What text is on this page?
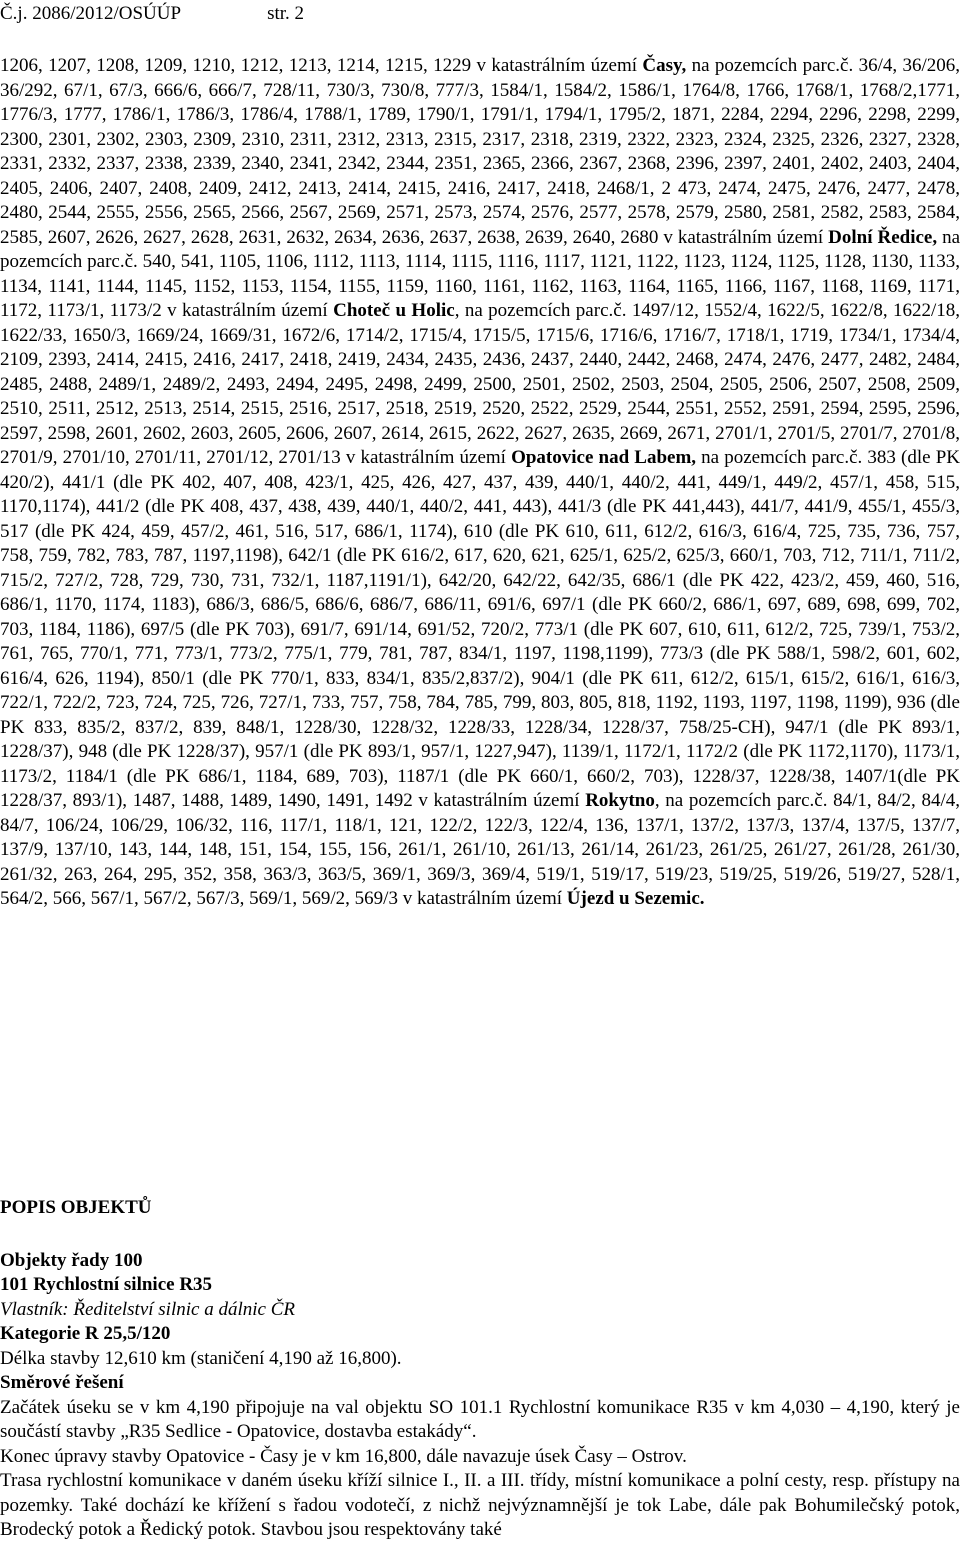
Č.j. 2086/2012/OSÚÚP	str. 2

1206, 1207, 1208, 1209, 1210, 1212, 1213, 1214, 1215, 1229 v katastrálním území Časy, na pozemcích parc.č. 36/4, 36/206, 36/292, 67/1, 67/3, 666/6, 666/7, 728/11, 730/3, 730/8, 777/3, 1584/1, 1584/2, 1586/1, 1764/8, 1766, 1768/1, 1768/2,1771, 1776/3, 1777, 1786/1, 1786/3, 1786/4, 1788/1, 1789, 1790/1, 1791/1, 1794/1, 1795/2, 1871, 2284, 2294, 2296, 2298, 2299, 2300, 2301, 2302, 2303, 2309, 2310, 2311, 2312, 2313, 2315, 2317, 2318, 2319, 2322, 2323, 2324, 2325, 2326, 2327, 2328, 2331, 2332, 2337, 2338, 2339, 2340, 2341, 2342, 2344, 2351, 2365, 2366, 2367, 2368, 2396, 2397, 2401, 2402, 2403, 2404, 2405, 2406, 2407, 2408, 2409, 2412, 2413, 2414, 2415, 2416, 2417, 2418, 2468/1, 2 473, 2474, 2475, 2476, 2477, 2478, 2480, 2544, 2555, 2556, 2565, 2566, 2567, 2569, 2571, 2573, 2574, 2576, 2577, 2578, 2579, 2580, 2581, 2582, 2583, 2584, 2585, 2607, 2626, 2627, 2628, 2631, 2632, 2634, 2636, 2637, 2638, 2639, 2640, 2680 v katastrálním území Dolní Ředice, na pozemcích parc.č. 540, 541, 1105, 1106, 1112, 1113, 1114, 1115, 1116, 1117, 1121, 1122, 1123, 1124, 1125, 1128, 1130, 1133, 1134, 1141, 1144, 1145, 1152, 1153, 1154, 1155, 1159, 1160, 1161, 1162, 1163, 1164, 1165, 1166, 1167, 1168, 1169, 1171, 1172, 1173/1, 1173/2 v katastrálním území Choteč u Holic, na pozemcích parc.č. 1497/12, 1552/4, 1622/5, 1622/8, 1622/18, 1622/33, 1650/3, 1669/24, 1669/31, 1672/6, 1714/2, 1715/4, 1715/5, 1715/6, 1716/6, 1716/7, 1718/1, 1719, 1734/1, 1734/4, 2109, 2393, 2414, 2415, 2416, 2417, 2418, 2419, 2434, 2435, 2436, 2437, 2440, 2442, 2468, 2474, 2476, 2477, 2482, 2484, 2485, 2488, 2489/1, 2489/2, 2493, 2494, 2495, 2498, 2499, 2500, 2501, 2502, 2503, 2504, 2505, 2506, 2507, 2508, 2509, 2510, 2511, 2512, 2513, 2514, 2515, 2516, 2517, 2518, 2519, 2520, 2522, 2529, 2544, 2551, 2552, 2591, 2594, 2595, 2596, 2597, 2598, 2601, 2602, 2603, 2605, 2606, 2607, 2614, 2615, 2622, 2627, 2635, 2669, 2671, 2701/1, 2701/5, 2701/7, 2701/8, 2701/9, 2701/10, 2701/11, 2701/12, 2701/13 v katastrálním území Opatovice nad Labem, na pozemcích parc.č. 383 (dle PK 420/2), 441/1 (dle PK 402, 407, 408, 423/1, 425, 426, 427, 437, 439, 440/1, 440/2, 441, 449/1, 449/2, 457/1, 458, 515, 1170,1174), 441/2 (dle PK 408, 437, 438, 439, 440/1, 440/2, 441, 443), 441/3 (dle PK 441,443), 441/7, 441/9, 455/1, 455/3, 517 (dle PK 424, 459, 457/2, 461, 516, 517, 686/1, 1174), 610 (dle PK 610, 611, 612/2, 616/3, 616/4, 725, 735, 736, 757, 758, 759, 782, 783, 787, 1197,1198), 642/1 (dle PK 616/2, 617, 620, 621, 625/1, 625/2, 625/3, 660/1, 703, 712, 711/1, 711/2, 715/2, 727/2, 728, 729, 730, 731, 732/1, 1187,1191/1), 642/20, 642/22, 642/35, 686/1 (dle PK 422, 423/2, 459, 460, 516, 686/1, 1170, 1174, 1183), 686/3, 686/5, 686/6, 686/7, 686/11, 691/6, 697/1 (dle PK 660/2, 686/1, 697, 689, 698, 699, 702, 703, 1184, 1186), 697/5 (dle PK 703), 691/7, 691/14, 691/52, 720/2, 773/1 (dle PK 607, 610, 611, 612/2, 725, 739/1, 753/2, 761, 765, 770/1, 771, 773/1, 773/2, 775/1, 779, 781, 787, 834/1, 1197, 1198,1199), 773/3 (dle PK 588/1, 598/2, 601, 602, 616/4, 626, 1194), 850/1 (dle PK 770/1, 833, 834/1, 835/2,837/2), 904/1 (dle PK 611, 612/2, 615/1, 615/2, 616/1, 616/3, 722/1, 722/2, 723, 724, 725, 726, 727/1, 733, 757, 758, 784, 785, 799, 803, 805, 818, 1192, 1193, 1197, 1198, 1199), 936 (dle PK 833, 835/2, 837/2, 839, 848/1, 1228/30, 1228/32, 1228/33, 1228/34, 1228/37, 758/25-CH), 947/1 (dle PK 893/1, 1228/37), 948 (dle PK 1228/37), 957/1 (dle PK 893/1, 957/1, 1227,947), 1139/1, 1172/1, 1172/2 (dle PK 1172,1170), 1173/1, 1173/2, 1184/1 (dle PK 686/1, 1184, 689, 703), 1187/1 (dle PK 660/1, 660/2, 703), 1228/37, 1228/38, 1407/1(dle PK 1228/37, 893/1), 1487, 1488, 1489, 1490, 1491, 1492 v katastrálním území Rokytno, na pozemcích parc.č. 84/1, 84/2, 84/4, 84/7, 106/24, 106/29, 106/32, 116, 117/1, 118/1, 121, 122/2, 122/3, 122/4, 136, 137/1, 137/2, 137/3, 137/4, 137/5, 137/7, 137/9, 137/10, 143, 144, 148, 151, 154, 155, 156, 261/1, 261/10, 261/13, 261/14, 261/23, 261/25, 261/27, 261/28, 261/30, 261/32, 263, 264, 295, 352, 358, 363/3, 363/5, 369/1, 369/3, 369/4, 519/1, 519/17, 519/23, 519/25, 519/26, 519/27, 528/1, 564/2, 566, 567/1, 567/2, 567/3, 569/1, 569/2, 569/3 v katastrálním území Újezd u Sezemic.

POPIS OBJEKTŮ

Objekty řady 100

101 Rychlostní silnice R35

Vlastník: Ředitelství silnic a dálnic ČR

Kategorie R 25,5/120

Délka stavby 12,610 km (staničení 4,190 až 16,800).

Směrové řešení

Začátek úseku se v km 4,190 připojuje na val objektu SO 101.1 Rychlostní komunikace R35 v km 4,030 – 4,190, který je součástí stavby „R35 Sedlice - Opatovice, dostavba estakády“.

Konec úpravy stavby Opatovice - Časy je v km 16,800, dále navazuje úsek Časy – Ostrov.

Trasa rychlostní komunikace v daném úseku kříží silnice I., II. a III. třídy, místní komunikace a polní cesty, resp. přístupy na pozemky. Také dochází ke křížení s řadou vodotečí, z nichž nejvýznamnější je tok Labe, dále pak Bohumilečský potok, Brodecký potok a Ředický potok. Stavbou jsou respektovány také
